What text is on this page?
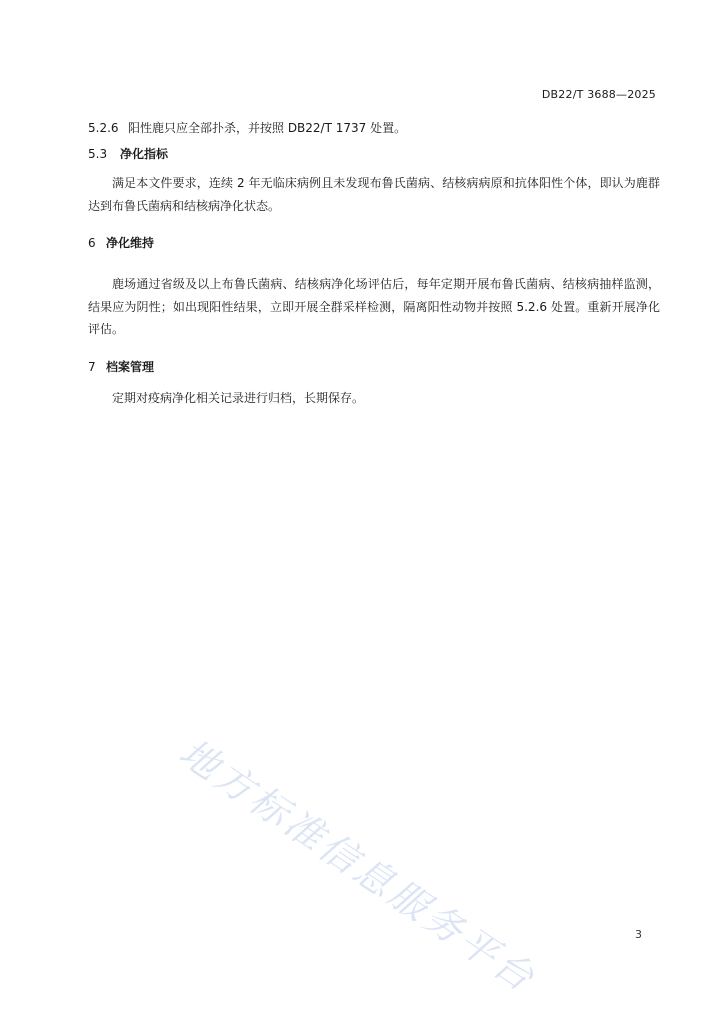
DB22/T 3688—2025

5.2.6 阳性鹿只应全部扑杀，并按照 DB22/T 1737 处置。

5.3 净化指标

满足本文件要求，连续 2 年无临床病例且未发现布鲁氏菌病、结核病病原和抗体阳性个体，即认为鹿群达到布鲁氏菌病和结核病净化状态。

6 净化维持

鹿场通过省级及以上布鲁氏菌病、结核病净化场评估后，每年定期开展布鲁氏菌病、结核病抽样监测，结果应为阴性；如出现阳性结果，立即开展全群采样检测，隔离阳性动物并按照 5.2.6 处置。重新开展净化评估。

7 档案管理

定期对疫病净化相关记录进行归档，长期保存。

地方标准信息服务平台	3
